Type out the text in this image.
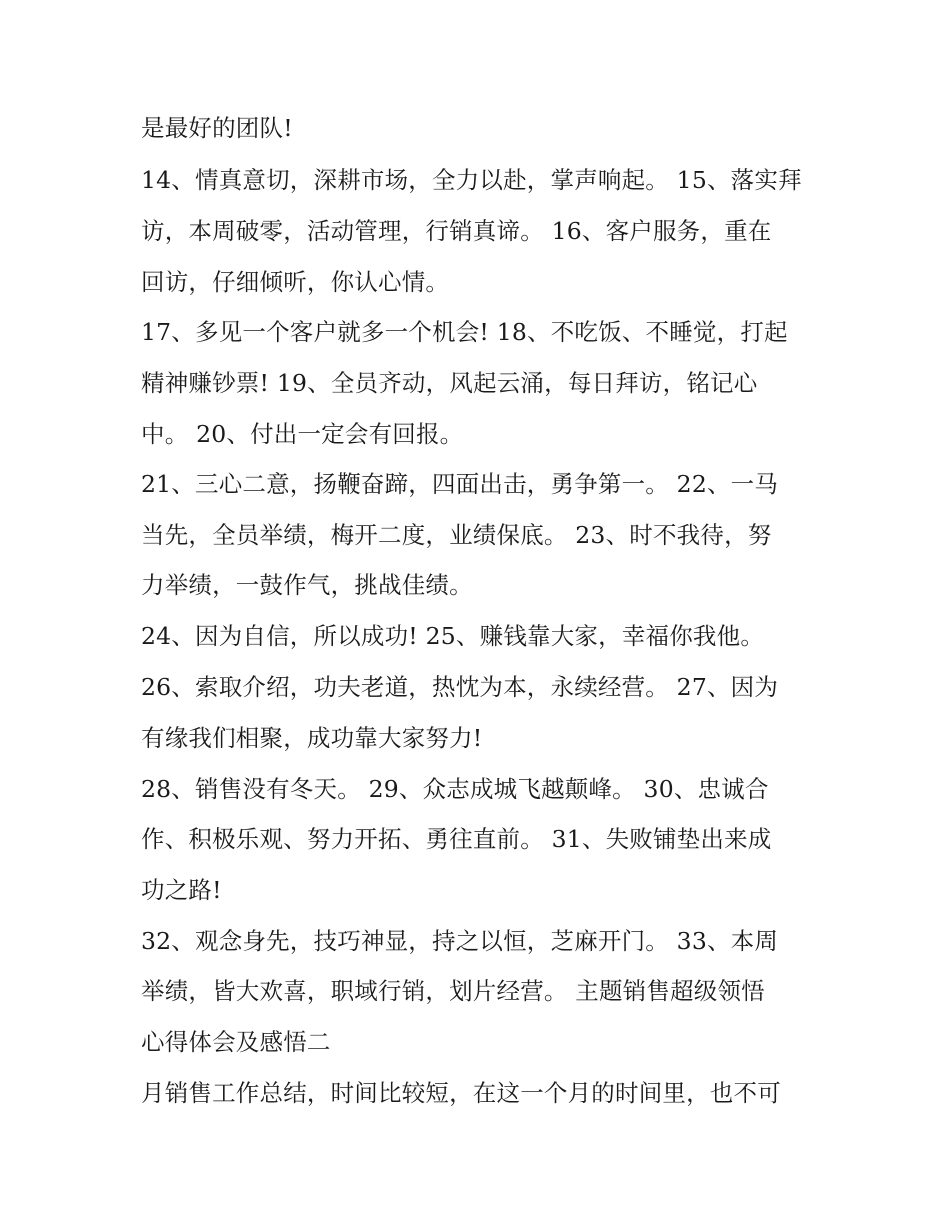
是最好的团队!
14、情真意切，深耕市场，全力以赴，掌声响起。 15、落实拜
访，本周破零，活动管理，行销真谛。 16、客户服务，重在
回访，仔细倾听，你认心情。
17、多见一个客户就多一个机会! 18、不吃饭、不睡觉，打起
精神赚钞票! 19、全员齐动，风起云涌，每日拜访，铭记心
中。 20、付出一定会有回报。
21、三心二意，扬鞭奋蹄，四面出击，勇争第一。 22、一马
当先，全员举绩，梅开二度，业绩保底。 23、时不我待，努
力举绩，一鼓作气，挑战佳绩。
24、因为自信，所以成功! 25、赚钱靠大家，幸福你我他。
26、索取介绍，功夫老道，热忱为本，永续经营。 27、因为
有缘我们相聚，成功靠大家努力!
28、销售没有冬天。 29、众志成城飞越颠峰。 30、忠诚合
作、积极乐观、努力开拓、勇往直前。 31、失败铺垫出来成
功之路!
32、观念身先，技巧神显，持之以恒，芝麻开门。 33、本周
举绩，皆大欢喜，职域行销，划片经营。 主题销售超级领悟
心得体会及感悟二
月销售工作总结，时间比较短，在这一个月的时间里，也不可
